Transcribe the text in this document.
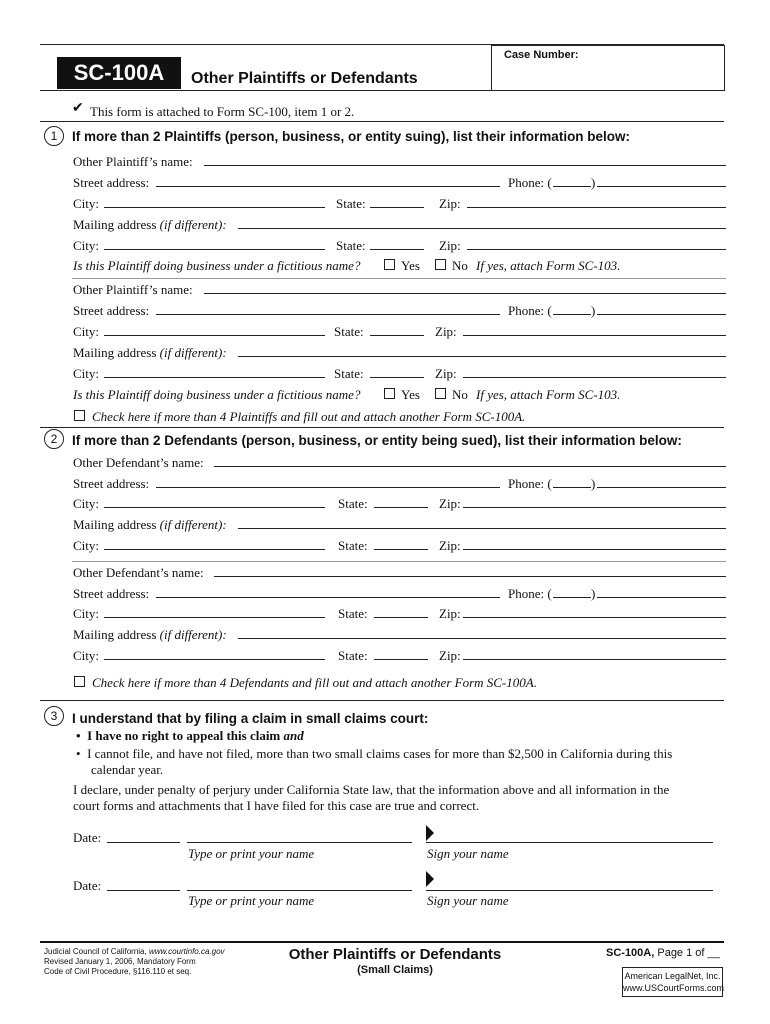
Case Number:
SC-100A	Other Plaintiffs or Defendants
✔ This form is attached to Form SC-100, item 1 or 2.
1	If more than 2 Plaintiffs (person, business, or entity suing), list their information below:
Other Plaintiff’s name:
Street address:	Phone: (	)
City:	State:	Zip:
Mailing address (if different):
City:	State:	Zip:
Is this Plaintiff doing business under a fictitious name?	Yes No If yes, attach Form SC-103.
Other Plaintiff’s name:
Street address:	Phone: (	)
City:	State:	Zip:
Mailing address (if different):
City:	State:	Zip:
Is this Plaintiff doing business under a fictitious name?	Yes No If yes, attach Form SC-103.
Check here if more than 4 Plaintiffs and fill out and attach another Form SC-100A.
2	If more than 2 Defendants (person, business, or entity being sued), list their information below:
Other Defendant’s name:
Street address:	Phone: (	)
City:	State:	Zip:
Mailing address (if different):
City:	State:	Zip:
Other Defendant’s name:
Street address:	Phone: (	)
City:	State:	Zip:
Mailing address (if different):
City:	State:	Zip:
Check here if more than 4 Defendants and fill out and attach another Form SC-100A.
3	I understand that by filing a claim in small claims court:
•  I have no right to appeal this claim and
•  I cannot file, and have not filed, more than two small claims cases for more than $2,500 in California during this
calendar year.
I declare, under penalty of perjury under California State law, that the information above and all information in the
court forms and attachments that I have filed for this case are true and correct.
Date:
Type or print your name	Sign your name
Date:
Type or print your name	Sign your name
Judicial Council of California, www.courtinfo.ca.gov
Revised January 1, 2006, Mandatory Form
Code of Civil Procedure, §116.110 et seq.
Other Plaintiffs or Defendants
(Small Claims)
SC-100A, Page 1 of __
American LegalNet, Inc.
www.USCourtForms.com
